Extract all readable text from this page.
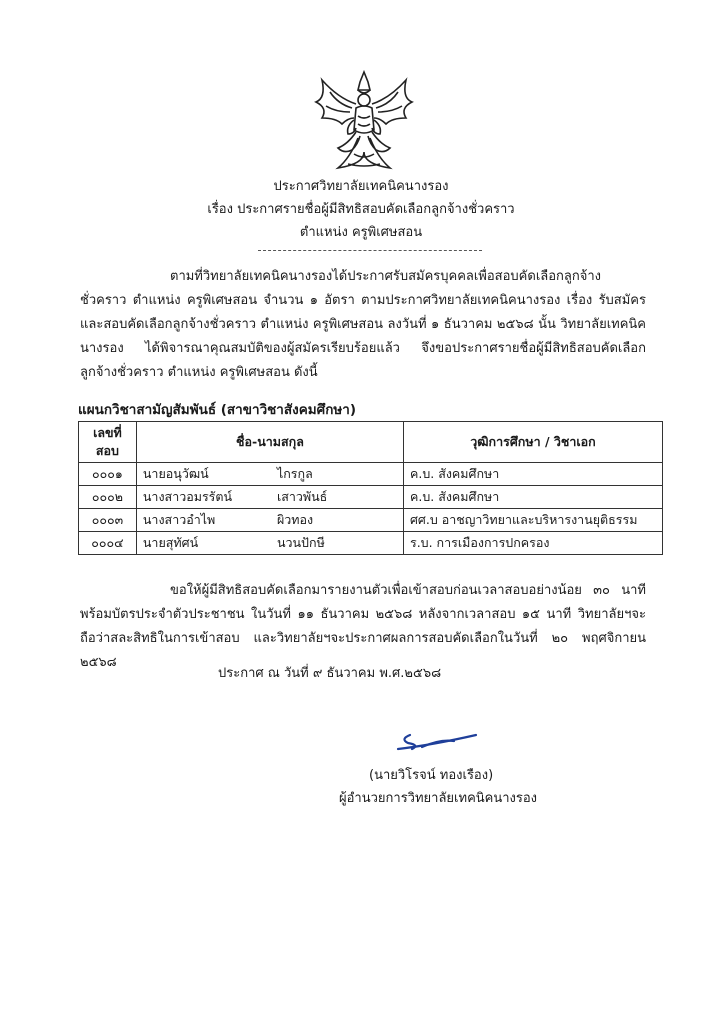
ประกาศวิทยาลัยเทคนิคนางรอง
เรื่อง ประกาศรายชื่อผู้มีสิทธิสอบคัดเลือกลูกจ้างชั่วคราว
ตำแหน่ง ครูพิเศษสอน
ตามที่วิทยาลัยเทคนิคนางรองได้ประกาศรับสมัครบุคคลเพื่อสอบคัดเลือกลูกจ้างชั่วคราว ตำแหน่ง ครูพิเศษสอน จำนวน ๑ อัตรา ตามประกาศวิทยาลัยเทคนิคนางรอง เรื่อง รับสมัครและสอบคัดเลือกลูกจ้างชั่วคราว ตำแหน่ง ครูพิเศษสอน ลงวันที่ ๑ ธันวาคม ๒๕๖๘ นั้น วิทยาลัยเทคนิคนางรอง ได้พิจารณาคุณสมบัติของผู้สมัครเรียบร้อยแล้ว จึงขอประกาศรายชื่อผู้มีสิทธิสอบคัดเลือกลูกจ้างชั่วคราว ตำแหน่ง ครูพิเศษสอน ดังนี้
แผนกวิชาสามัญสัมพันธ์ (สาขาวิชาสังคมศึกษา)
เลขที่
สอบ	ชื่อ-นามสกุล		วุฒิการศึกษา / วิชาเอก
๐๐๐๑	นายอนุวัฒน์	ไกรกูล	ค.บ. สังคมศึกษา
๐๐๐๒	นางสาวอมรรัตน์	เสาวพันธ์	ค.บ. สังคมศึกษา
๐๐๐๓	นางสาวอำไพ	ผิวทอง	ศศ.บ อาชญาวิทยาและบริหารงานยุติธรรม
๐๐๐๔	นายสุทัศน์	นวนปักษี	ร.บ. การเมืองการปกครอง
ขอให้ผู้มีสิทธิสอบคัดเลือกมารายงานตัวเพื่อเข้าสอบก่อนเวลาสอบอย่างน้อย ๓๐ นาที พร้อมบัตรประจำตัวประชาชน ในวันที่ ๑๑ ธันวาคม ๒๕๖๘ หลังจากเวลาสอบ ๑๕ นาที วิทยาลัยฯจะถือว่าสละสิทธิในการเข้าสอบ และวิทยาลัยฯจะประกาศผลการสอบคัดเลือกในวันที่ ๒๐ พฤศจิกายน ๒๕๖๘
ประกาศ ณ วันที่ ๙ ธันวาคม พ.ศ.๒๕๖๘
(นายวิโรจน์ ทองเรือง)
ผู้อำนวยการวิทยาลัยเทคนิคนางรอง
